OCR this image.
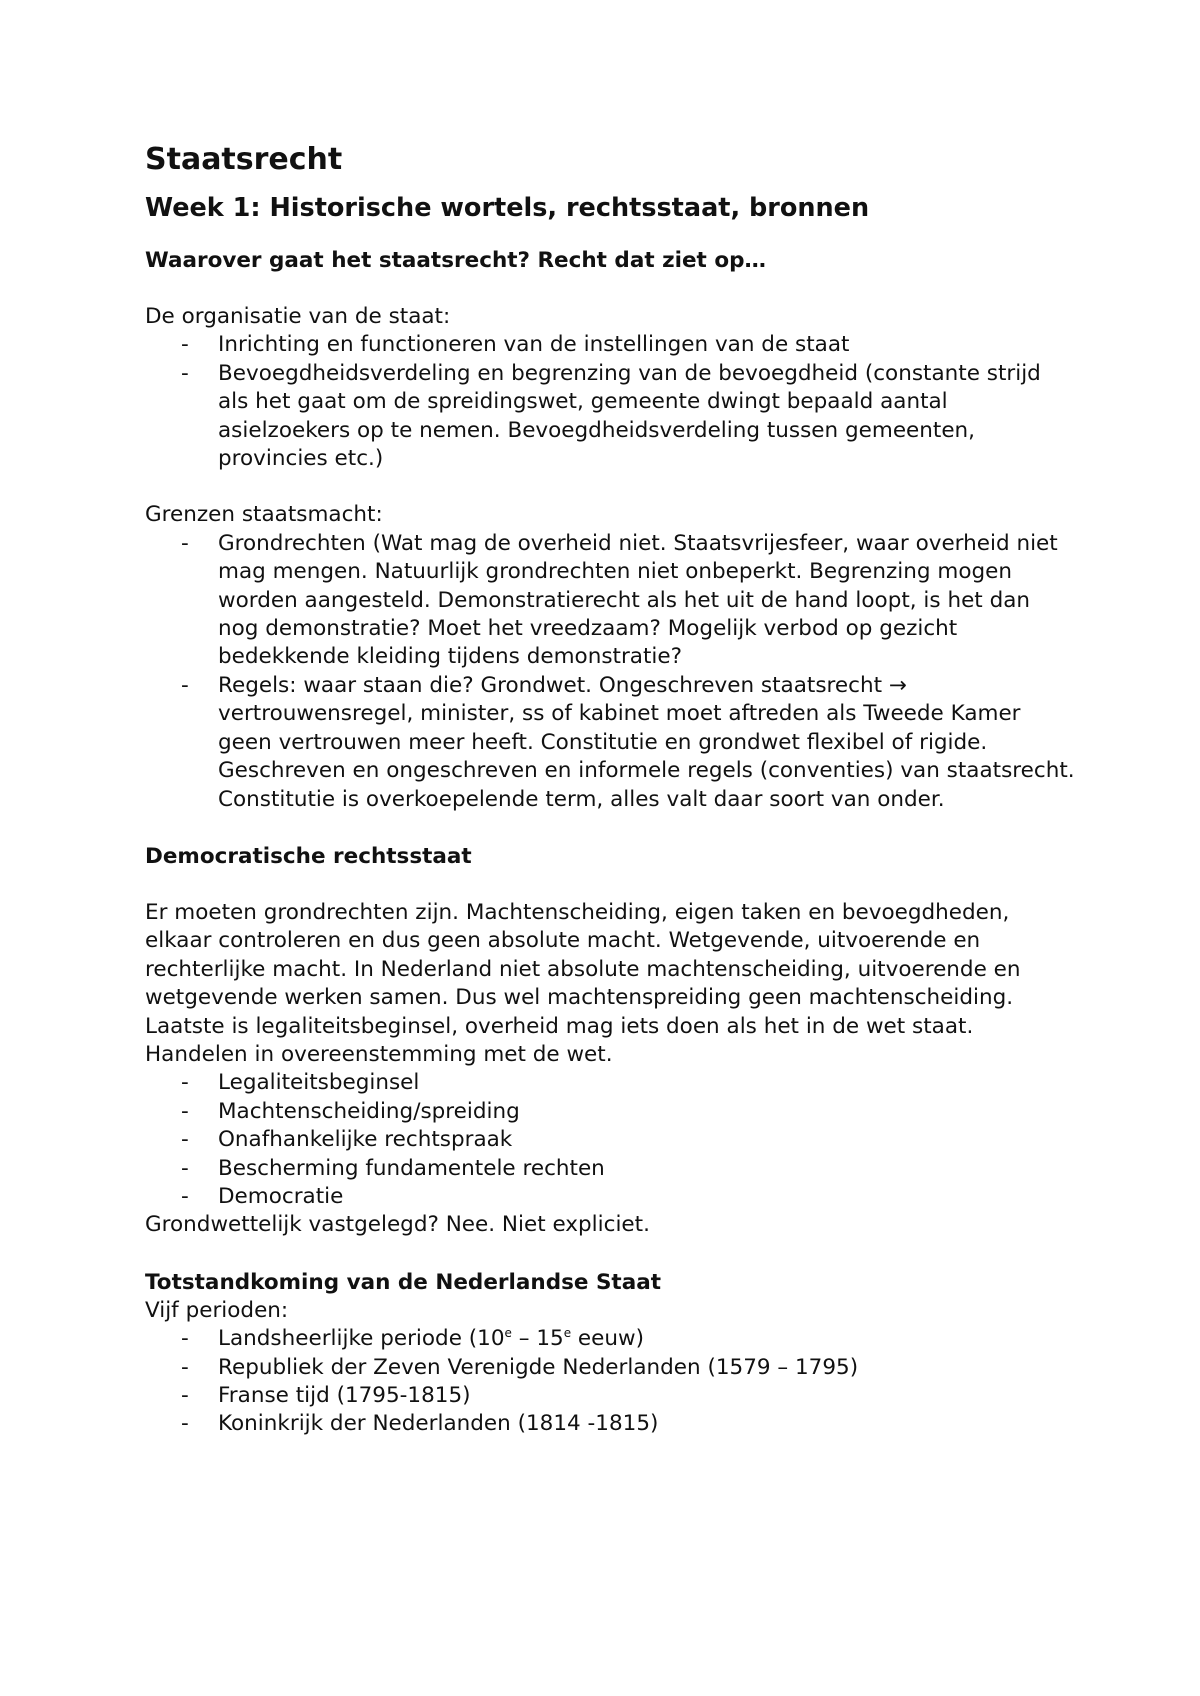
Staatsrecht
Week 1: Historische wortels, rechtsstaat, bronnen
Waarover gaat het staatsrecht? Recht dat ziet op…

De organisatie van de staat:

- Inrichting en functioneren van de instellingen van de staat
- Bevoegdheidsverdeling en begrenzing van de bevoegdheid (constante strijd als het gaat om de spreidingswet, gemeente dwingt bepaald aantal asielzoekers op te nemen. Bevoegdheidsverdeling tussen gemeenten, provincies etc.)

Grenzen staatsmacht:

- Grondrechten (Wat mag de overheid niet. Staatsvrijesfeer, waar overheid niet mag mengen. Natuurlijk grondrechten niet onbeperkt. Begrenzing mogen worden aangesteld. Demonstratierecht als het uit de hand loopt, is het dan nog demonstratie? Moet het vreedzaam? Mogelijk verbod op gezicht bedekkende kleiding tijdens demonstratie?
- Regels: waar staan die? Grondwet. Ongeschreven staatsrecht → vertrouwensregel, minister, ss of kabinet moet aftreden als Tweede Kamer geen vertrouwen meer heeft. Constitutie en grondwet flexibel of rigide. Geschreven en ongeschreven en informele regels (conventies) van staatsrecht. Constitutie is overkoepelende term, alles valt daar soort van onder.
Democratische rechtsstaat

Er moeten grondrechten zijn. Machtenscheiding, eigen taken en bevoegdheden, elkaar controleren en dus geen absolute macht. Wetgevende, uitvoerende en rechterlijke macht. In Nederland niet absolute machtenscheiding, uitvoerende en wetgevende werken samen. Dus wel machtenspreiding geen machtenscheiding. Laatste is legaliteitsbeginsel, overheid mag iets doen als het in de wet staat. Handelen in overeenstemming met de wet.

- Legaliteitsbeginsel
- Machtenscheiding/spreiding
- Onafhankelijke rechtspraak
- Bescherming fundamentele rechten
- Democratie

Grondwettelijk vastgelegd? Nee. Niet expliciet.

Totstandkoming van de Nederlandse Staat

Vijf perioden:

- Landsheerlijke periode (10e – 15e eeuw)
- Republiek der Zeven Verenigde Nederlanden (1579 – 1795)
- Franse tijd (1795-1815)
- Koninkrijk der Nederlanden (1814 -1815)
